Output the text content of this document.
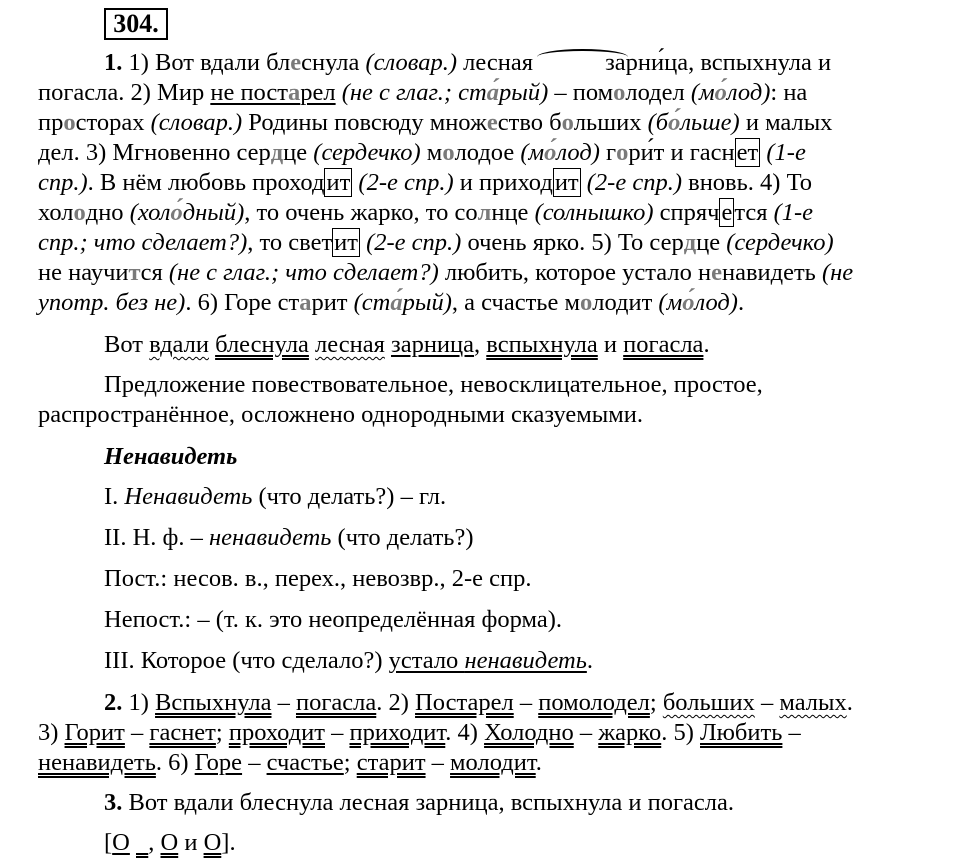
304.
1. 1) Вот вдали блеснула (словар.) лесная	зарни́ца, вспыхнула и
погасла. 2) Мир не постарел (не с глаг.; ста́рый) – помолодел (мо́лод): на
просторах (словар.) Родины повсюду множество больших (бо́льше) и малых
дел. 3) Мгновенно сердце (сердечко) молодое (мо́лод) гори́т и гаснет (1-е
спр.). В нём любовь проходит (2-е спр.) и приходит (2-е спр.) вновь. 4) То
холодно (холо́дный), то очень жарко, то солнце (солнышко) спрячется (1-е
спр.; что сделает?), то светит (2-е спр.) очень ярко. 5) То сердце (сердечко)
не научится (не с глаг.; что сделает?) любить, которое устало ненавидеть (не
употр. без не). 6) Горе старит (ста́рый), а счастье молодит (мо́лод).
Вот вдали блеснула лесная зарница, вспыхнула и погасла.
Предложение повествовательное, невосклицательное, простое,
распространённое, осложнено однородными сказуемыми.
Ненавидеть
I. Ненавидеть (что делать?) – гл.
II. Н. ф. – ненавидеть (что делать?)
Пост.: несов. в., перех., невозвр., 2-е спр.
Непост.: – (т. к. это неопределённая форма).
III. Которое (что сделало?) устало ненавидеть.
2. 1) Вспыхнула – погасла. 2) Постарел – помолодел; больших – малых.
3) Горит – гаснет; проходит – приходит. 4) Холодно – жарко. 5) Любить –
ненавидеть. 6) Горе – счастье; старит – молодит.
3. Вот вдали блеснула лесная зарница, вспыхнула и погасла.
[О , О и О].
